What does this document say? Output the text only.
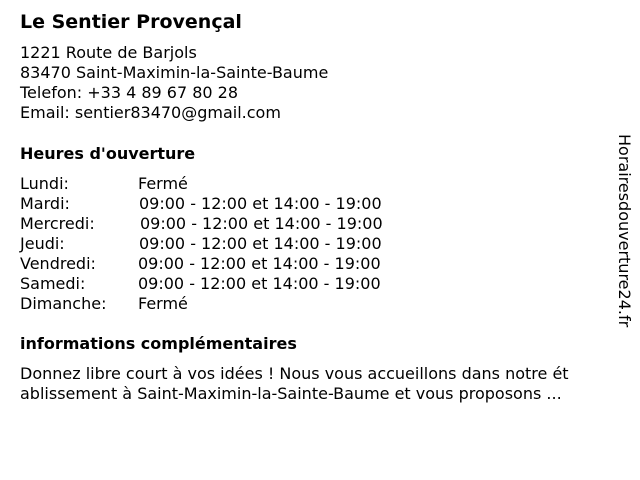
Le Sentier Provençal
1221 Route de Barjols
83470 Saint-Maximin-la-Sainte-Baume
Telefon: +33 4 89 67 80 28
Email: sentier83470@gmail.com
Heures d'ouverture
Lundi:	Fermé
Mardi:	09:00 - 12:00 et 14:00 - 19:00
Mercredi:	09:00 - 12:00 et 14:00 - 19:00
Jeudi:	09:00 - 12:00 et 14:00 - 19:00
Vendredi:	09:00 - 12:00 et 14:00 - 19:00
Samedi:	09:00 - 12:00 et 14:00 - 19:00
Dimanche: Fermé
informations complémentaires
Donnez libre court à vos idées ! Nous vous accueillons dans notre ét
ablissement à Saint-Maximin-la-Sainte-Baume et vous proposons ...
Horairesdouverture24.fr
